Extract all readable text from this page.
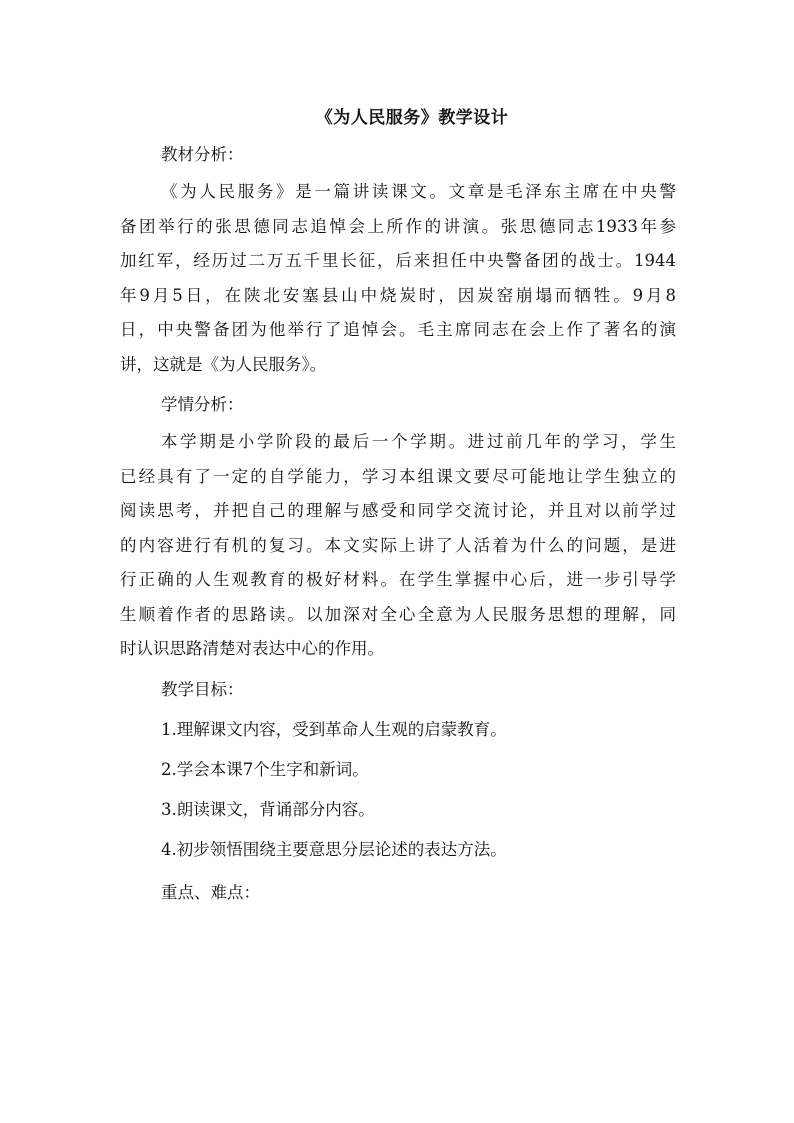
《为人民服务》教学设计
教材分析：
《为人民服务》是一篇讲读课文。文章是毛泽东主席在中央警
备团举行的张思德同志追悼会上所作的讲演。张思德同志1933年参
加红军，经历过二万五千里长征，后来担任中央警备团的战士。1944
年9月5日，在陕北安塞县山中烧炭时，因炭窑崩塌而牺牲。9月8
日，中央警备团为他举行了追悼会。毛主席同志在会上作了著名的演
讲，这就是《为人民服务》。
学情分析：
本学期是小学阶段的最后一个学期。进过前几年的学习，学生
已经具有了一定的自学能力，学习本组课文要尽可能地让学生独立的
阅读思考，并把自己的理解与感受和同学交流讨论，并且对以前学过
的内容进行有机的复习。本文实际上讲了人活着为什么的问题，是进
行正确的人生观教育的极好材料。在学生掌握中心后，进一步引导学
生顺着作者的思路读。以加深对全心全意为人民服务思想的理解，同
时认识思路清楚对表达中心的作用。
教学目标：
1.理解课文内容，受到革命人生观的启蒙教育。
2.学会本课7个生字和新词。
3.朗读课文，背诵部分内容。
4.初步领悟围绕主要意思分层论述的表达方法。
重点、难点：
